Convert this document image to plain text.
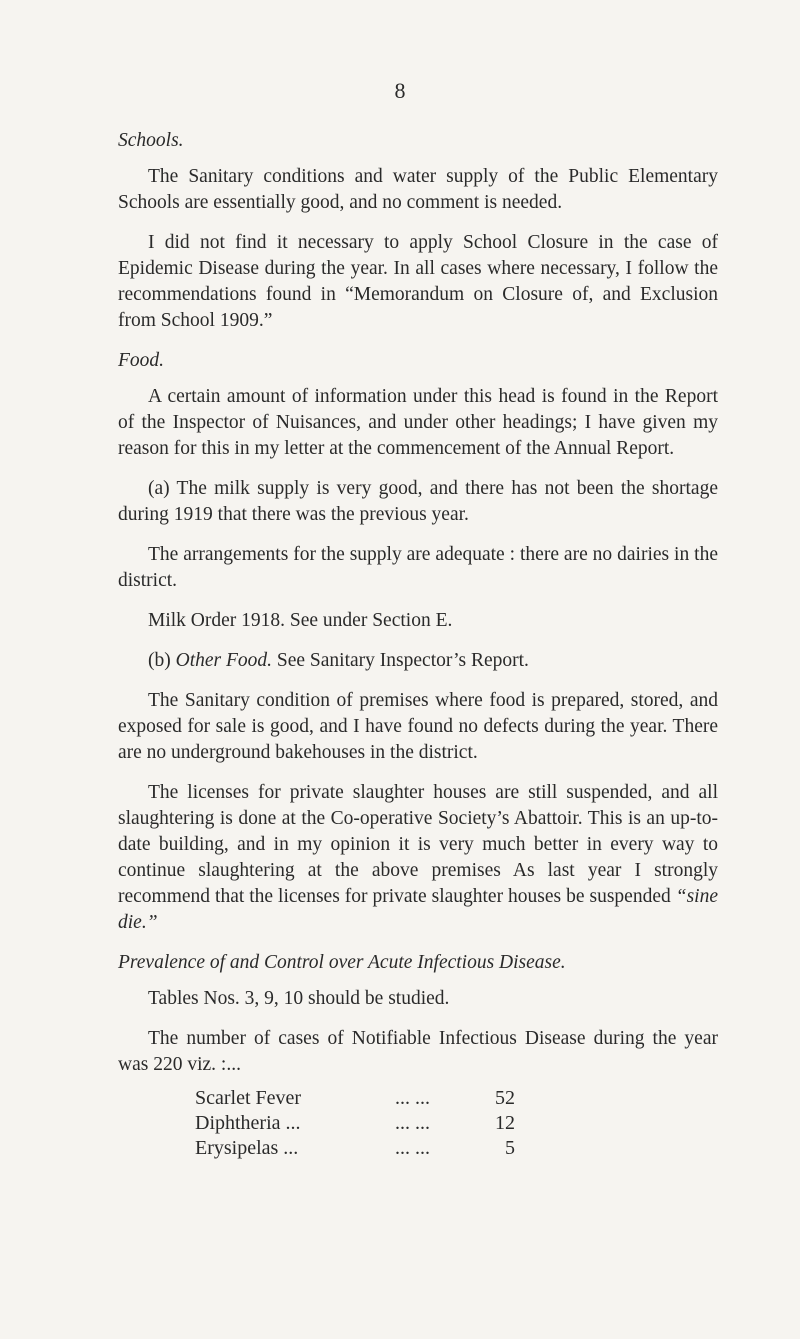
8

Schools.

The Sanitary conditions and water supply of the Public Elementary Schools are essentially good, and no comment is needed.

I did not find it necessary to apply School Closure in the case of Epidemic Disease during the year. In all cases where necessary, I follow the recommendations found in “Memorandum on Closure of, and Exclusion from School 1909.”

Food.

A certain amount of information under this head is found in the Report of the Inspector of Nuisances, and under other headings; I have given my reason for this in my letter at the commencement of the Annual Report.

(a) The milk supply is very good, and there has not been the shortage during 1919 that there was the previous year.

The arrangements for the supply are adequate : there are no dairies in the district.

Milk Order 1918. See under Section E.

(b) Other Food. See Sanitary Inspector’s Report.

The Sanitary condition of premises where food is prepared, stored, and exposed for sale is good, and I have found no defects during the year. There are no underground bakehouses in the district.

The licenses for private slaughter houses are still suspended, and all slaughtering is done at the Co-operative Society’s Abattoir. This is an up-to-date building, and in my opinion it is very much better in every way to continue slaughtering at the above premises As last year I strongly recommend that the licenses for private slaughter houses be suspended “sine die.”

Prevalence of and Control over Acute Infectious Disease.

Tables Nos. 3, 9, 10 should be studied.

The number of cases of Notifiable Infectious Disease during the year was 220 viz. :...

Scarlet Fever	... ...	52
Diphtheria ...	... ...	12
Erysipelas ...	... ...	5
